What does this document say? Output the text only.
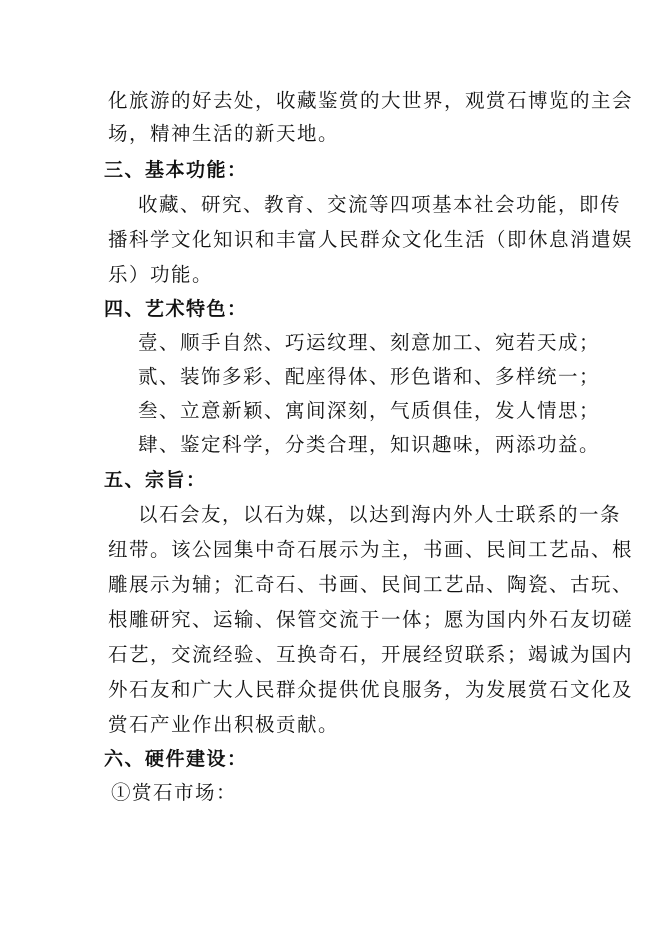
化旅游的好去处，收藏鉴赏的大世界，观赏石博览的主会
场，精神生活的新天地。
三、基本功能：
收藏、研究、教育、交流等四项基本社会功能，即传
播科学文化知识和丰富人民群众文化生活（即休息消遣娱
乐）功能。
四、艺术特色：
壹、顺手自然、巧运纹理、刻意加工、宛若天成；
贰、装饰多彩、配座得体、形色谐和、多样统一；
叁、立意新颖、寓间深刻，气质俱佳，发人情思；
肆、鉴定科学，分类合理，知识趣味，两添功益。
五、宗旨：
以石会友，以石为媒，以达到海内外人士联系的一条
纽带。该公园集中奇石展示为主，书画、民间工艺品、根
雕展示为辅；汇奇石、书画、民间工艺品、陶瓷、古玩、
根雕研究、运输、保管交流于一体；愿为国内外石友切磋
石艺，交流经验、互换奇石，开展经贸联系；竭诚为国内
外石友和广大人民群众提供优良服务，为发展赏石文化及
赏石产业作出积极贡献。
六、硬件建设：
①赏石市场：
